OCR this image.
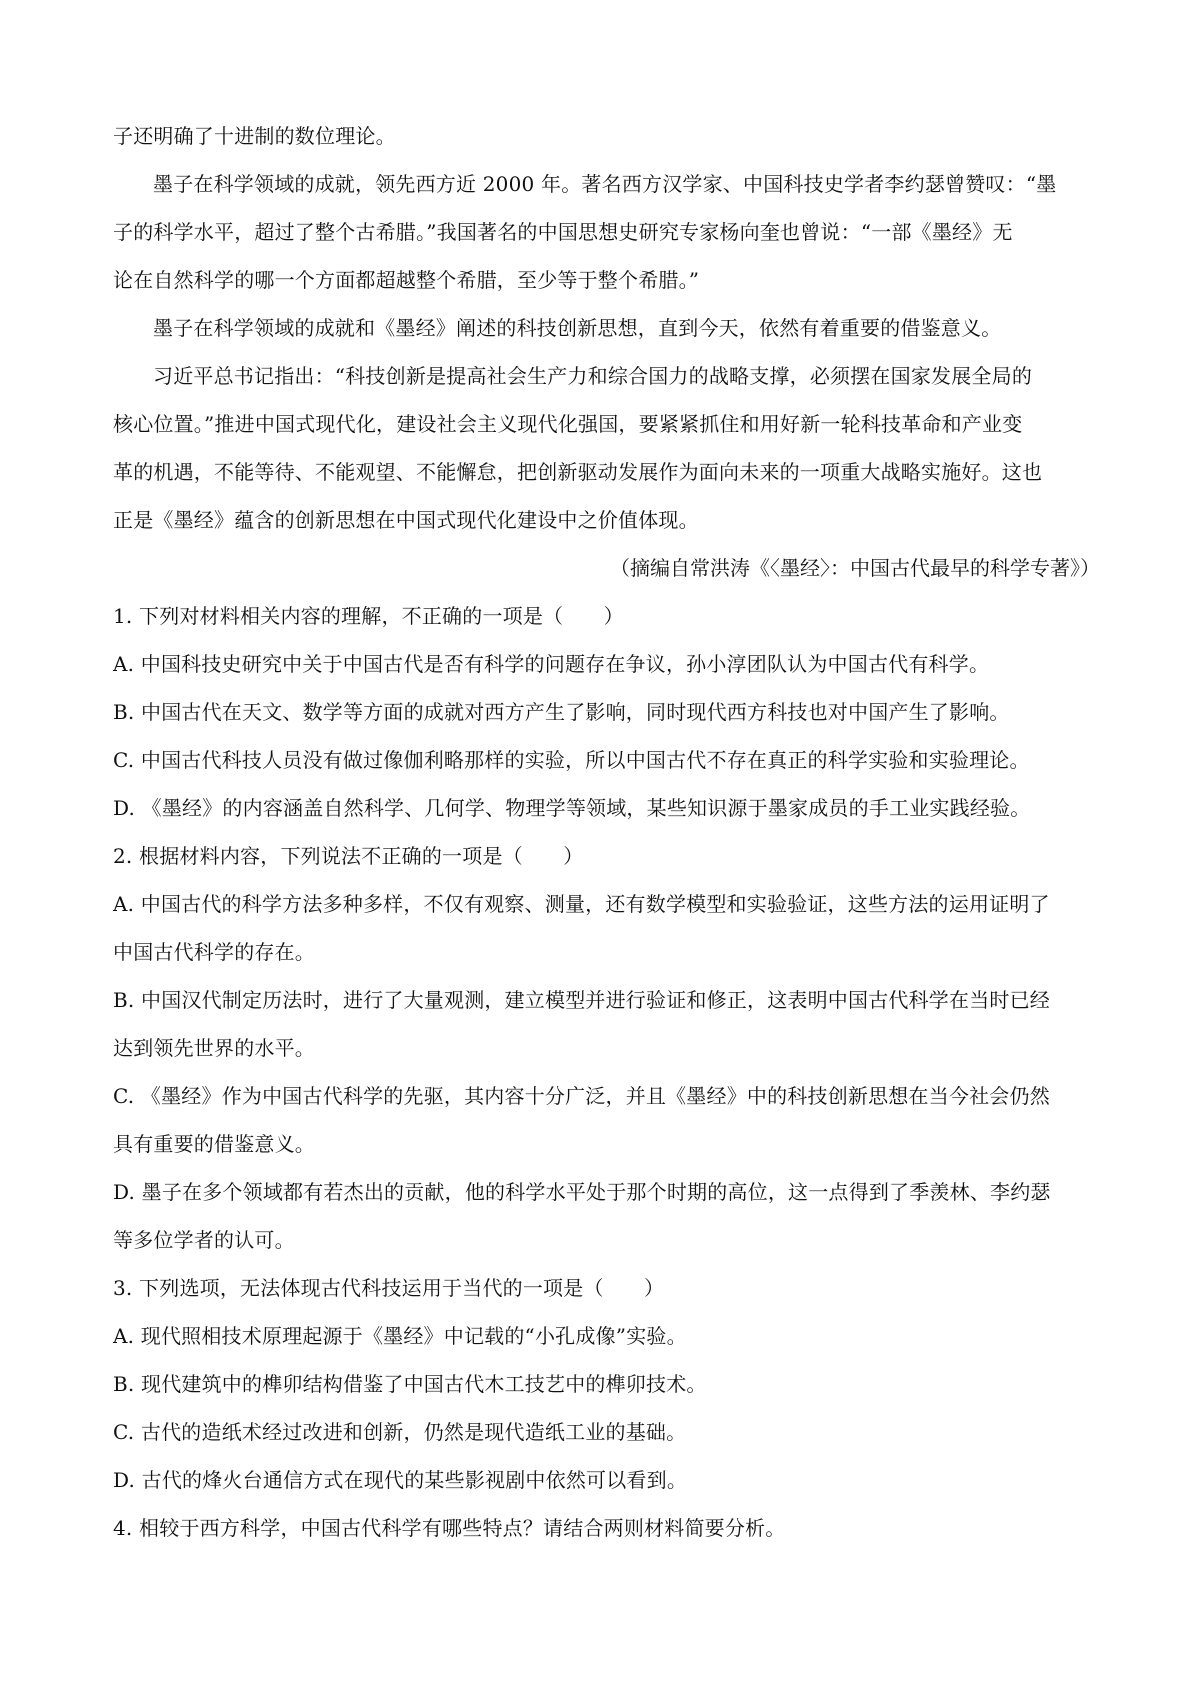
子还明确了十进制的数位理论。
墨子在科学领域的成就，领先西方近 2000 年。著名西方汉学家、中国科技史学者李约瑟曾赞叹：“墨
子的科学水平，超过了整个古希腊。”我国著名的中国思想史研究专家杨向奎也曾说：“一部《墨经》无
论在自然科学的哪一个方面都超越整个希腊，至少等于整个希腊。”
墨子在科学领域的成就和《墨经》阐述的科技创新思想，直到今天，依然有着重要的借鉴意义。
习近平总书记指出：“科技创新是提高社会生产力和综合国力的战略支撑，必须摆在国家发展全局的
核心位置。”推进中国式现代化，建设社会主义现代化强国，要紧紧抓住和用好新一轮科技革命和产业变
革的机遇，不能等待、不能观望、不能懈怠，把创新驱动发展作为面向未来的一项重大战略实施好。这也
正是《墨经》蕴含的创新思想在中国式现代化建设中之价值体现。
（摘编自常洪涛《〈墨经〉：中国古代最早的科学专著》）
1. 下列对材料相关内容的理解，不正确的一项是（　　）
A. 中国科技史研究中关于中国古代是否有科学的问题存在争议，孙小淳团队认为中国古代有科学。
B. 中国古代在天文、数学等方面的成就对西方产生了影响，同时现代西方科技也对中国产生了影响。
C. 中国古代科技人员没有做过像伽利略那样的实验，所以中国古代不存在真正的科学实验和实验理论。
D. 《墨经》的内容涵盖自然科学、几何学、物理学等领域，某些知识源于墨家成员的手工业实践经验。
2. 根据材料内容，下列说法不正确的一项是（　　）
A. 中国古代的科学方法多种多样，不仅有观察、测量，还有数学模型和实验验证，这些方法的运用证明了
中国古代科学的存在。
B. 中国汉代制定历法时，进行了大量观测，建立模型并进行验证和修正，这表明中国古代科学在当时已经
达到领先世界的水平。
C. 《墨经》作为中国古代科学的先驱，其内容十分广泛，并且《墨经》中的科技创新思想在当今社会仍然
具有重要的借鉴意义。
D. 墨子在多个领域都有若杰出的贡献，他的科学水平处于那个时期的高位，这一点得到了季羡林、李约瑟
等多位学者的认可。
3. 下列选项，无法体现古代科技运用于当代的一项是（　　）
A. 现代照相技术原理起源于《墨经》中记载的“小孔成像”实验。
B. 现代建筑中的榫卯结构借鉴了中国古代木工技艺中的榫卯技术。
C. 古代的造纸术经过改进和创新，仍然是现代造纸工业的基础。
D. 古代的烽火台通信方式在现代的某些影视剧中依然可以看到。
4. 相较于西方科学，中国古代科学有哪些特点？请结合两则材料简要分析。
